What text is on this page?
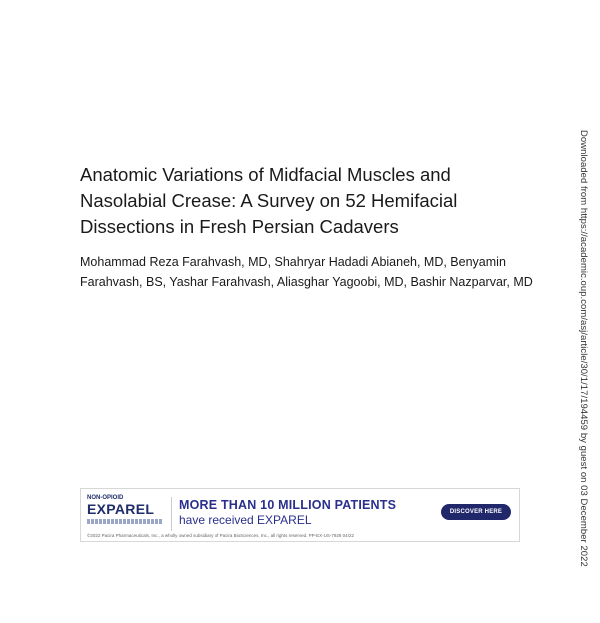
Anatomic Variations of Midfacial Muscles and
Nasolabial Crease: A Survey on 52 Hemifacial
Dissections in Fresh Persian Cadavers
Mohammad Reza Farahvash, MD, Shahryar Hadadi Abianeh, MD, Benyamin
Farahvash, BS, Yashar Farahvash, Aliasghar Yagoobi, MD, Bashir Nazparvar, MD	Downloaded from https://academic.oup.com/asj/article/30/1/17/194459 by guest on 03 December 2022
NON-OPIOID
EXPAREL	MORE THAN 10 MILLION PATIENTS
have received EXPAREL
DISCOVER HERE
©2022 Pacira Pharmaceuticals, Inc., a wholly owned subsidiary of Pacira BioSciences, Inc., all rights reserved. PP-EX-US-7928 04/22
